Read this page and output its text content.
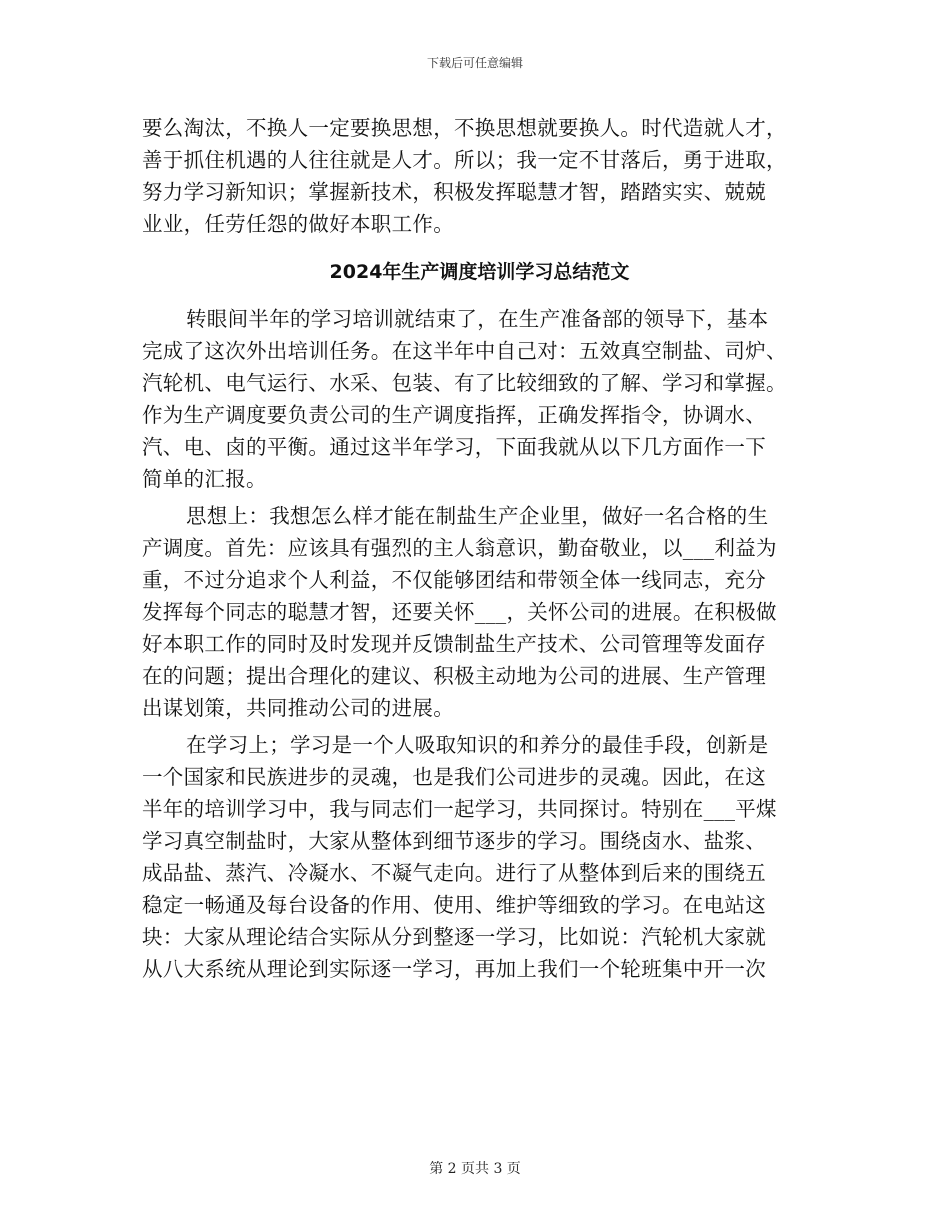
下载后可任意编辑
要么淘汰，不换人一定要换思想，不换思想就要换人。时代造就人才，
善于抓住机遇的人往往就是人才。所以；我一定不甘落后，勇于进取，
努力学习新知识；掌握新技术，积极发挥聪慧才智，踏踏实实、兢兢
业业，任劳任怨的做好本职工作。
2024年生产调度培训学习总结范文
转眼间半年的学习培训就结束了，在生产准备部的领导下，基本
完成了这次外出培训任务。在这半年中自己对：五效真空制盐、司炉、
汽轮机、电气运行、水采、包装、有了比较细致的了解、学习和掌握。
作为生产调度要负责公司的生产调度指挥，正确发挥指令，协调水、
汽、电、卤的平衡。通过这半年学习，下面我就从以下几方面作一下
简单的汇报。
思想上：我想怎么样才能在制盐生产企业里，做好一名合格的生
产调度。首先：应该具有强烈的主人翁意识，勤奋敬业，以___利益为
重，不过分追求个人利益，不仅能够团结和带领全体一线同志，充分
发挥每个同志的聪慧才智，还要关怀___，关怀公司的进展。在积极做
好本职工作的同时及时发现并反馈制盐生产技术、公司管理等发面存
在的问题；提出合理化的建议、积极主动地为公司的进展、生产管理
出谋划策，共同推动公司的进展。
在学习上；学习是一个人吸取知识的和养分的最佳手段，创新是
一个国家和民族进步的灵魂，也是我们公司进步的灵魂。因此，在这
半年的培训学习中，我与同志们一起学习，共同探讨。特别在___平煤
学习真空制盐时，大家从整体到细节逐步的学习。围绕卤水、盐浆、
成品盐、蒸汽、冷凝水、不凝气走向。进行了从整体到后来的围绕五
稳定一畅通及每台设备的作用、使用、维护等细致的学习。在电站这
块：大家从理论结合实际从分到整逐一学习，比如说：汽轮机大家就
从八大系统从理论到实际逐一学习，再加上我们一个轮班集中开一次
第 2 页共 3 页
